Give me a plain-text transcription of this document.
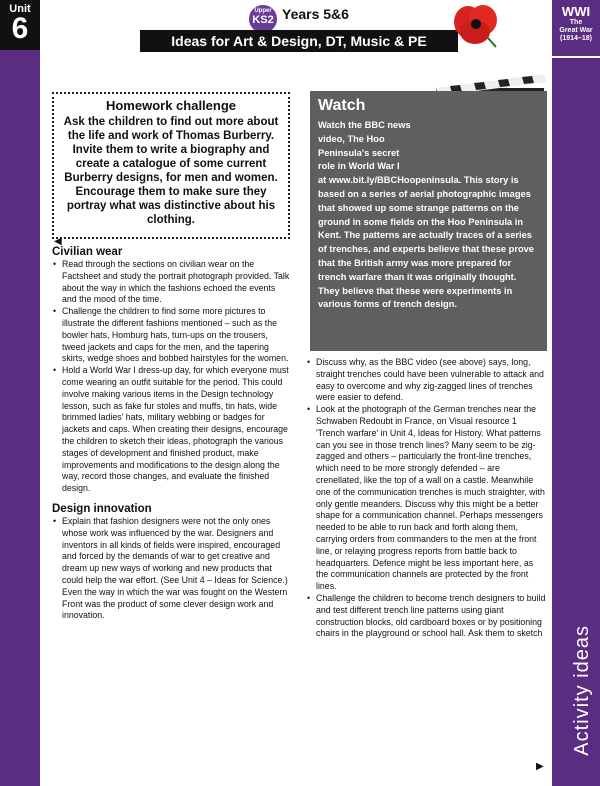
Unit
6
Activity ideas
WWI
The
Great War
(1914–18)
Upper
KS2 Years 5&6
Ideas for Art & Design, DT, Music & PE
Homework challenge
Ask the children to find out more about the life and work of Thomas Burberry. Invite them to write a biography and create a catalogue of some current Burberry designs, for men and women. Encourage them to make sure they portray what was distinctive about his clothing.
Watch

Watch the BBC news

video, The Hoo

Peninsula's secret

role in World War I

at www.bit.ly/BBCHoopeninsula. This story is based on a series of aerial photographic images that showed up some strange patterns on the ground in some fields on the Hoo Peninsula in Kent. The patterns are actually traces of a series of trenches, and experts believe that these prove that the British army was more prepared for trench warfare than it was originally thought. They believe that these were experiments in various forms of trench design.

◀
Civilian wear
• Read through the sections on civilian wear on the Factsheet and study the portrait photograph provided. Talk about the way in which the fashions echoed the events and the mood of the time.
• Challenge the children to find some more pictures to illustrate the different fashions mentioned – such as the bowler hats, Homburg hats, turn-ups on the trousers, tweed jackets and caps for the men, and the tapering skirts, wedge shoes and bobbed hairstyles for the women.
• Hold a World War I dress-up day, for which everyone must come wearing an outfit suitable for the period. This could involve making various items in the Design technology lesson, such as fake fur stoles and muffs, tin hats, wide brimmed ladies' hats, military webbing or badges for jackets and caps. When creating their designs, encourage the children to sketch their ideas, photograph the various stages of development and finished product, make improvements and modifications to the design along the way, record those changes, and evaluate the finished design.
Design innovation
• Explain that fashion designers were not the only ones whose work was influenced by the war. Designers and inventors in all kinds of fields were inspired, encouraged and forced by the demands of war to get creative and dream up new ways of working and new products that could help the war effort. (See Unit 4 – Ideas for Science.) Even the way in which the war was fought on the Western Front was the product of some clever design work and innovation.
• Discuss why, as the BBC video (see above) says, long, straight trenches could have been vulnerable to attack and easy to overcome and why zig-zagged lines of trenches were easier to defend.
• Look at the photograph of the German trenches near the Schwaben Redoubt in France, on Visual resource 1 'Trench warfare' in Unit 4, Ideas for History. What patterns can you see in those trench lines? Many seem to be zig-zagged and others – particularly the front-line trenches, which need to be more strongly defended – are crenellated, like the top of a wall on a castle. Meanwhile one of the communication trenches is much straighter, with only gentle meanders. Discuss why this might be a better shape for a communication channel. Perhaps messengers needed to be able to run back and forth along them, carrying orders from commanders to the men at the front line, or relaying progress reports from battle back to headquarters. Defence might be less important here, as the communication channels are protected by the front lines.
• Challenge the children to become trench designers to build and test different trench line patterns using giant construction blocks, old cardboard boxes or by positioning chairs in the playground or school hall. Ask them to sketch
▶
